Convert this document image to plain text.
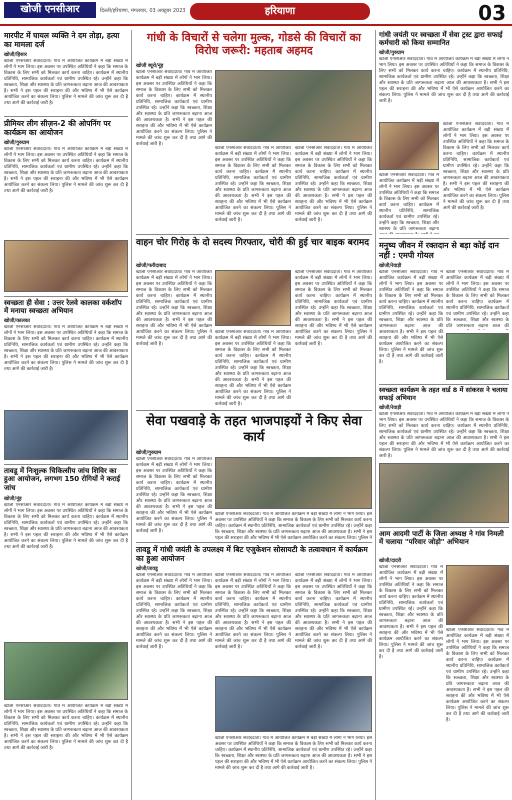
खोजी एनसीआर	दिल्ली/हरियाणा, मंगलवार, 03 अक्टूबर 2023	हरियाणा	03
मारपीट में घायल व्यक्ति ने दम तोड़ा, हत्या का मामला दर्ज
खोजी/हिसार
खोजी एनसीआर संवाददाता। गांव में आयोजित कार्यक्रम में बड़ी संख्या में लोगों ने भाग लिया। इस अवसर पर उपस्थित अतिथियों ने कहा कि समाज के विकास के लिए सभी को मिलकर कार्य करना चाहिए। कार्यक्रम में स्थानीय प्रतिनिधि, सामाजिक कार्यकर्ता एवं ग्रामीण उपस्थित रहे। उन्होंने कहा कि स्वच्छता, शिक्षा और स्वास्थ्य के प्रति जागरूकता बढ़ाना आज की आवश्यकता है। सभी ने इस पहल की सराहना की और भविष्य में भी ऐसे कार्यक्रम आयोजित करने का संकल्प लिया। पुलिस ने मामले की जांच शुरू कर दी है तथा आगे की कार्रवाई जारी है।
प्रीमियर लीग सीज़न-2 की ओपनिंग पर कार्यक्रम का आयोजन
खोजी/गुरुग्राम
खोजी एनसीआर संवाददाता। गांव में आयोजित कार्यक्रम में बड़ी संख्या में लोगों ने भाग लिया। इस अवसर पर उपस्थित अतिथियों ने कहा कि समाज के विकास के लिए सभी को मिलकर कार्य करना चाहिए। कार्यक्रम में स्थानीय प्रतिनिधि, सामाजिक कार्यकर्ता एवं ग्रामीण उपस्थित रहे। उन्होंने कहा कि स्वच्छता, शिक्षा और स्वास्थ्य के प्रति जागरूकता बढ़ाना आज की आवश्यकता है। सभी ने इस पहल की सराहना की और भविष्य में भी ऐसे कार्यक्रम आयोजित करने का संकल्प लिया। पुलिस ने मामले की जांच शुरू कर दी है तथा आगे की कार्रवाई जारी है।
स्वच्छता ही सेवा : उत्तर रेलवे कालका वर्कशॉप में मनाया स्वच्छता अभियान
खोजी/कालका
खोजी एनसीआर संवाददाता। गांव में आयोजित कार्यक्रम में बड़ी संख्या में लोगों ने भाग लिया। इस अवसर पर उपस्थित अतिथियों ने कहा कि समाज के विकास के लिए सभी को मिलकर कार्य करना चाहिए। कार्यक्रम में स्थानीय प्रतिनिधि, सामाजिक कार्यकर्ता एवं ग्रामीण उपस्थित रहे। उन्होंने कहा कि स्वच्छता, शिक्षा और स्वास्थ्य के प्रति जागरूकता बढ़ाना आज की आवश्यकता है। सभी ने इस पहल की सराहना की और भविष्य में भी ऐसे कार्यक्रम आयोजित करने का संकल्प लिया। पुलिस ने मामले की जांच शुरू कर दी है तथा आगे की कार्रवाई जारी है।
तावडू में निःशुल्क चिकित्सीय जांच शिविर का हुआ आयोजन, लगभग 150 रोगियों ने कराई जांच
खोजी/नूंह
खोजी एनसीआर संवाददाता। गांव में आयोजित कार्यक्रम में बड़ी संख्या में लोगों ने भाग लिया। इस अवसर पर उपस्थित अतिथियों ने कहा कि समाज के विकास के लिए सभी को मिलकर कार्य करना चाहिए। कार्यक्रम में स्थानीय प्रतिनिधि, सामाजिक कार्यकर्ता एवं ग्रामीण उपस्थित रहे। उन्होंने कहा कि स्वच्छता, शिक्षा और स्वास्थ्य के प्रति जागरूकता बढ़ाना आज की आवश्यकता है। सभी ने इस पहल की सराहना की और भविष्य में भी ऐसे कार्यक्रम आयोजित करने का संकल्प लिया। पुलिस ने मामले की जांच शुरू कर दी है तथा आगे की कार्रवाई जारी है।
खोजी एनसीआर संवाददाता। गांव में आयोजित कार्यक्रम में बड़ी संख्या में लोगों ने भाग लिया। इस अवसर पर उपस्थित अतिथियों ने कहा कि समाज के विकास के लिए सभी को मिलकर कार्य करना चाहिए। कार्यक्रम में स्थानीय प्रतिनिधि, सामाजिक कार्यकर्ता एवं ग्रामीण उपस्थित रहे। उन्होंने कहा कि स्वच्छता, शिक्षा और स्वास्थ्य के प्रति जागरूकता बढ़ाना आज की आवश्यकता है। सभी ने इस पहल की सराहना की और भविष्य में भी ऐसे कार्यक्रम आयोजित करने का संकल्प लिया। पुलिस ने मामले की जांच शुरू कर दी है तथा आगे की कार्रवाई जारी है।
गांधी के विचारों से चलेगा मुल्क, गोडसे की विचारों का विरोध जरूरी: महताब अहमद
खोजी ब्यूरो/नूंह
खोजी एनसीआर संवाददाता। गांव में आयोजित कार्यक्रम में बड़ी संख्या में लोगों ने भाग लिया। इस अवसर पर उपस्थित अतिथियों ने कहा कि समाज के विकास के लिए सभी को मिलकर कार्य करना चाहिए। कार्यक्रम में स्थानीय प्रतिनिधि, सामाजिक कार्यकर्ता एवं ग्रामीण उपस्थित रहे। उन्होंने कहा कि स्वच्छता, शिक्षा और स्वास्थ्य के प्रति जागरूकता बढ़ाना आज की आवश्यकता है। सभी ने इस पहल की सराहना की और भविष्य में भी ऐसे कार्यक्रम आयोजित करने का संकल्प लिया। पुलिस ने मामले की जांच शुरू कर दी है तथा आगे की कार्रवाई जारी है।
खोजी एनसीआर संवाददाता। गांव में आयोजित कार्यक्रम में बड़ी संख्या में लोगों ने भाग लिया। इस अवसर पर उपस्थित अतिथियों ने कहा कि समाज के विकास के लिए सभी को मिलकर कार्य करना चाहिए। कार्यक्रम में स्थानीय प्रतिनिधि, सामाजिक कार्यकर्ता एवं ग्रामीण उपस्थित रहे। उन्होंने कहा कि स्वच्छता, शिक्षा और स्वास्थ्य के प्रति जागरूकता बढ़ाना आज की आवश्यकता है। सभी ने इस पहल की सराहना की और भविष्य में भी ऐसे कार्यक्रम आयोजित करने का संकल्प लिया। पुलिस ने मामले की जांच शुरू कर दी है तथा आगे की कार्रवाई जारी है।
खोजी एनसीआर संवाददाता। गांव में आयोजित कार्यक्रम में बड़ी संख्या में लोगों ने भाग लिया। इस अवसर पर उपस्थित अतिथियों ने कहा कि समाज के विकास के लिए सभी को मिलकर कार्य करना चाहिए। कार्यक्रम में स्थानीय प्रतिनिधि, सामाजिक कार्यकर्ता एवं ग्रामीण उपस्थित रहे। उन्होंने कहा कि स्वच्छता, शिक्षा और स्वास्थ्य के प्रति जागरूकता बढ़ाना आज की आवश्यकता है। सभी ने इस पहल की सराहना की और भविष्य में भी ऐसे कार्यक्रम आयोजित करने का संकल्प लिया। पुलिस ने मामले की जांच शुरू कर दी है तथा आगे की कार्रवाई जारी है।
वाहन चोर गिरोह के दो सदस्य गिरफ्तार, चोरी की हुई चार बाइक बरामद
खोजी/फरीदाबाद
खोजी एनसीआर संवाददाता। गांव में आयोजित कार्यक्रम में बड़ी संख्या में लोगों ने भाग लिया। इस अवसर पर उपस्थित अतिथियों ने कहा कि समाज के विकास के लिए सभी को मिलकर कार्य करना चाहिए। कार्यक्रम में स्थानीय प्रतिनिधि, सामाजिक कार्यकर्ता एवं ग्रामीण उपस्थित रहे। उन्होंने कहा कि स्वच्छता, शिक्षा और स्वास्थ्य के प्रति जागरूकता बढ़ाना आज की आवश्यकता है। सभी ने इस पहल की सराहना की और भविष्य में भी ऐसे कार्यक्रम आयोजित करने का संकल्प लिया। पुलिस ने मामले की जांच शुरू कर दी है तथा आगे की कार्रवाई जारी है।
खोजी एनसीआर संवाददाता। गांव में आयोजित कार्यक्रम में बड़ी संख्या में लोगों ने भाग लिया। इस अवसर पर उपस्थित अतिथियों ने कहा कि समाज के विकास के लिए सभी को मिलकर कार्य करना चाहिए। कार्यक्रम में स्थानीय प्रतिनिधि, सामाजिक कार्यकर्ता एवं ग्रामीण उपस्थित रहे। उन्होंने कहा कि स्वच्छता, शिक्षा और स्वास्थ्य के प्रति जागरूकता बढ़ाना आज की आवश्यकता है। सभी ने इस पहल की सराहना की और भविष्य में भी ऐसे कार्यक्रम आयोजित करने का संकल्प लिया। पुलिस ने मामले की जांच शुरू कर दी है तथा आगे की कार्रवाई जारी है।
खोजी एनसीआर संवाददाता। गांव में आयोजित कार्यक्रम में बड़ी संख्या में लोगों ने भाग लिया। इस अवसर पर उपस्थित अतिथियों ने कहा कि समाज के विकास के लिए सभी को मिलकर कार्य करना चाहिए। कार्यक्रम में स्थानीय प्रतिनिधि, सामाजिक कार्यकर्ता एवं ग्रामीण उपस्थित रहे। उन्होंने कहा कि स्वच्छता, शिक्षा और स्वास्थ्य के प्रति जागरूकता बढ़ाना आज की आवश्यकता है। सभी ने इस पहल की सराहना की और भविष्य में भी ऐसे कार्यक्रम आयोजित करने का संकल्प लिया। पुलिस ने मामले की जांच शुरू कर दी है तथा आगे की कार्रवाई जारी है।
सेवा पखवाड़े के तहत भाजपाइयों ने किए सेवा कार्य
खोजी/गुरुग्राम
खोजी एनसीआर संवाददाता। गांव में आयोजित कार्यक्रम में बड़ी संख्या में लोगों ने भाग लिया। इस अवसर पर उपस्थित अतिथियों ने कहा कि समाज के विकास के लिए सभी को मिलकर कार्य करना चाहिए। कार्यक्रम में स्थानीय प्रतिनिधि, सामाजिक कार्यकर्ता एवं ग्रामीण उपस्थित रहे। उन्होंने कहा कि स्वच्छता, शिक्षा और स्वास्थ्य के प्रति जागरूकता बढ़ाना आज की आवश्यकता है। सभी ने इस पहल की सराहना की और भविष्य में भी ऐसे कार्यक्रम आयोजित करने का संकल्प लिया। पुलिस ने मामले की जांच शुरू कर दी है तथा आगे की कार्रवाई जारी है।
खोजी एनसीआर संवाददाता। गांव में आयोजित कार्यक्रम में बड़ी संख्या में लोगों ने भाग लिया। इस अवसर पर उपस्थित अतिथियों ने कहा कि समाज के विकास के लिए सभी को मिलकर कार्य करना चाहिए। कार्यक्रम में स्थानीय प्रतिनिधि, सामाजिक कार्यकर्ता एवं ग्रामीण उपस्थित रहे। उन्होंने कहा कि स्वच्छता, शिक्षा और स्वास्थ्य के प्रति जागरूकता बढ़ाना आज की आवश्यकता है। सभी ने इस पहल की सराहना की और भविष्य में भी ऐसे कार्यक्रम आयोजित करने का संकल्प लिया। पुलिस ने
तावडू में गांधी जयंती के उपलक्ष्य में बिट एजुकेशन सोसायटी के तत्वावधान में कार्यक्रम का हुआ आयोजन
खोजी/तावडू
खोजी एनसीआर संवाददाता। गांव में आयोजित कार्यक्रम में बड़ी संख्या में लोगों ने भाग लिया। इस अवसर पर उपस्थित अतिथियों ने कहा कि समाज के विकास के लिए सभी को मिलकर कार्य करना चाहिए। कार्यक्रम में स्थानीय प्रतिनिधि, सामाजिक कार्यकर्ता एवं ग्रामीण उपस्थित रहे। उन्होंने कहा कि स्वच्छता, शिक्षा और स्वास्थ्य के प्रति जागरूकता बढ़ाना आज की आवश्यकता है। सभी ने इस पहल की सराहना की और भविष्य में भी ऐसे कार्यक्रम आयोजित करने का संकल्प लिया। पुलिस ने मामले की जांच शुरू कर दी है तथा आगे की कार्रवाई जारी है।
खोजी एनसीआर संवाददाता। गांव में आयोजित कार्यक्रम में बड़ी संख्या में लोगों ने भाग लिया। इस अवसर पर उपस्थित अतिथियों ने कहा कि समाज के विकास के लिए सभी को मिलकर कार्य करना चाहिए। कार्यक्रम में स्थानीय प्रतिनिधि, सामाजिक कार्यकर्ता एवं ग्रामीण उपस्थित रहे। उन्होंने कहा कि स्वच्छता, शिक्षा और स्वास्थ्य के प्रति जागरूकता बढ़ाना आज की आवश्यकता है। सभी ने इस पहल की सराहना की और भविष्य में भी ऐसे कार्यक्रम आयोजित करने का संकल्प लिया। पुलिस ने मामले की जांच शुरू कर दी है तथा आगे की कार्रवाई जारी है।
खोजी एनसीआर संवाददाता। गांव में आयोजित कार्यक्रम में बड़ी संख्या में लोगों ने भाग लिया। इस अवसर पर उपस्थित अतिथियों ने कहा कि समाज के विकास के लिए सभी को मिलकर कार्य करना चाहिए। कार्यक्रम में स्थानीय प्रतिनिधि, सामाजिक कार्यकर्ता एवं ग्रामीण उपस्थित रहे। उन्होंने कहा कि स्वच्छता, शिक्षा और स्वास्थ्य के प्रति जागरूकता बढ़ाना आज की आवश्यकता है। सभी ने इस पहल की सराहना की और भविष्य में भी ऐसे कार्यक्रम आयोजित करने का संकल्प लिया। पुलिस ने मामले की जांच शुरू कर दी है तथा आगे की कार्रवाई जारी है।
खोजी एनसीआर संवाददाता। गांव में आयोजित कार्यक्रम में बड़ी संख्या में लोगों ने भाग लिया। इस अवसर पर उपस्थित अतिथियों ने कहा कि समाज के विकास के लिए सभी को मिलकर कार्य करना चाहिए। कार्यक्रम में स्थानीय प्रतिनिधि, सामाजिक कार्यकर्ता एवं ग्रामीण उपस्थित रहे। उन्होंने कहा कि स्वच्छता, शिक्षा और स्वास्थ्य के प्रति जागरूकता बढ़ाना आज की आवश्यकता है। सभी ने इस पहल की सराहना की और भविष्य में भी ऐसे कार्यक्रम आयोजित करने का संकल्प लिया। पुलिस ने मामले की जांच शुरू कर दी है तथा आगे की कार्रवाई जारी है।
गांधी जयंती पर स्वच्छता में सेवा ट्रस्ट द्वारा सफाई कर्मचारी को किया सम्मानित
खोजी/गुरुग्राम
खोजी एनसीआर संवाददाता। गांव में आयोजित कार्यक्रम में बड़ी संख्या में लोगों ने भाग लिया। इस अवसर पर उपस्थित अतिथियों ने कहा कि समाज के विकास के लिए सभी को मिलकर कार्य करना चाहिए। कार्यक्रम में स्थानीय प्रतिनिधि, सामाजिक कार्यकर्ता एवं ग्रामीण उपस्थित रहे। उन्होंने कहा कि स्वच्छता, शिक्षा और स्वास्थ्य के प्रति जागरूकता बढ़ाना आज की आवश्यकता है। सभी ने इस पहल की सराहना की और भविष्य में भी ऐसे कार्यक्रम आयोजित करने का संकल्प लिया। पुलिस ने मामले की जांच शुरू कर दी है तथा आगे की कार्रवाई जारी है।
खोजी एनसीआर संवाददाता। गांव में आयोजित कार्यक्रम में बड़ी संख्या में लोगों ने भाग लिया। इस अवसर पर उपस्थित अतिथियों ने कहा कि समाज के विकास के लिए सभी को मिलकर कार्य करना चाहिए। कार्यक्रम में स्थानीय प्रतिनिधि, सामाजिक कार्यकर्ता एवं ग्रामीण उपस्थित रहे। उन्होंने कहा कि स्वच्छता, शिक्षा और स्वास्थ्य के प्रति जागरूकता बढ़ाना आज की आवश्यकता है। सभी ने इस पहल की सराहना की और भविष्य में भी ऐसे कार्यक्रम आयोजित करने का संकल्प लिया। पुलिस ने मामले की जांच शुरू कर दी है तथा आगे की कार्रवाई जारी है।
खोजी एनसीआर संवाददाता। गांव में आयोजित कार्यक्रम में बड़ी संख्या में लोगों ने भाग लिया। इस अवसर पर उपस्थित अतिथियों ने कहा कि समाज के विकास के लिए सभी को मिलकर कार्य करना चाहिए। कार्यक्रम में स्थानीय प्रतिनिधि, सामाजिक कार्यकर्ता एवं ग्रामीण उपस्थित रहे। उन्होंने कहा कि स्वच्छता, शिक्षा और स्वास्थ्य के प्रति जागरूकता बढ़ाना
मनुष्य जीवन में रक्तदान से बड़ा कोई दान नहीं : एमपी गोयल
खोजी/रेवाड़ी
खोजी एनसीआर संवाददाता। गांव में आयोजित कार्यक्रम में बड़ी संख्या में लोगों ने भाग लिया। इस अवसर पर उपस्थित अतिथियों ने कहा कि समाज के विकास के लिए सभी को मिलकर कार्य करना चाहिए। कार्यक्रम में स्थानीय प्रतिनिधि, सामाजिक कार्यकर्ता एवं ग्रामीण उपस्थित रहे। उन्होंने कहा कि स्वच्छता, शिक्षा और स्वास्थ्य के प्रति जागरूकता बढ़ाना आज की आवश्यकता है। सभी ने इस पहल की सराहना की और भविष्य में भी ऐसे कार्यक्रम आयोजित करने का संकल्प लिया। पुलिस ने मामले की जांच शुरू कर दी है तथा आगे की कार्रवाई जारी है।
खोजी एनसीआर संवाददाता। गांव में आयोजित कार्यक्रम में बड़ी संख्या में लोगों ने भाग लिया। इस अवसर पर उपस्थित अतिथियों ने कहा कि समाज के विकास के लिए सभी को मिलकर कार्य करना चाहिए। कार्यक्रम में स्थानीय प्रतिनिधि, सामाजिक कार्यकर्ता एवं ग्रामीण उपस्थित रहे। उन्होंने कहा कि स्वच्छता, शिक्षा और स्वास्थ्य के प्रति जागरूकता बढ़ाना आज की
स्वच्छता कार्यक्रम के तहत वार्ड 8 में सांकरस ने चलाया सफाई अभियान
खोजी/रेवाड़ी
खोजी एनसीआर संवाददाता। गांव में आयोजित कार्यक्रम में बड़ी संख्या में लोगों ने भाग लिया। इस अवसर पर उपस्थित अतिथियों ने कहा कि समाज के विकास के लिए सभी को मिलकर कार्य करना चाहिए। कार्यक्रम में स्थानीय प्रतिनिधि, सामाजिक कार्यकर्ता एवं ग्रामीण उपस्थित रहे। उन्होंने कहा कि स्वच्छता, शिक्षा और स्वास्थ्य के प्रति जागरूकता बढ़ाना आज की आवश्यकता है। सभी ने इस पहल की सराहना की और भविष्य में भी ऐसे कार्यक्रम आयोजित करने का संकल्प लिया। पुलिस ने मामले की जांच शुरू कर दी है तथा आगे की कार्रवाई जारी है।
आम आदमी पार्टी के जिला अध्यक्ष ने गांव निमली में चलाया "परिवार जोड़ो" अभियान
खोजी/दादरी
खोजी एनसीआर संवाददाता। गांव में आयोजित कार्यक्रम में बड़ी संख्या में लोगों ने भाग लिया। इस अवसर पर उपस्थित अतिथियों ने कहा कि समाज के विकास के लिए सभी को मिलकर कार्य करना चाहिए। कार्यक्रम में स्थानीय प्रतिनिधि, सामाजिक कार्यकर्ता एवं ग्रामीण उपस्थित रहे। उन्होंने कहा कि स्वच्छता, शिक्षा और स्वास्थ्य के प्रति जागरूकता बढ़ाना आज की आवश्यकता है। सभी ने इस पहल की सराहना की और भविष्य में भी ऐसे कार्यक्रम आयोजित करने का संकल्प लिया। पुलिस ने मामले की जांच शुरू कर दी है तथा आगे की कार्रवाई जारी है।
खोजी एनसीआर संवाददाता। गांव में आयोजित कार्यक्रम में बड़ी संख्या में लोगों ने भाग लिया। इस अवसर पर उपस्थित अतिथियों ने कहा कि समाज के विकास के लिए सभी को मिलकर कार्य करना चाहिए। कार्यक्रम में स्थानीय प्रतिनिधि, सामाजिक कार्यकर्ता एवं ग्रामीण उपस्थित रहे। उन्होंने कहा कि स्वच्छता, शिक्षा और स्वास्थ्य के प्रति जागरूकता बढ़ाना आज की आवश्यकता है। सभी ने इस पहल की सराहना की और भविष्य में भी ऐसे कार्यक्रम आयोजित करने का संकल्प लिया। पुलिस ने मामले की जांच शुरू कर दी है तथा आगे की कार्रवाई जारी है।
